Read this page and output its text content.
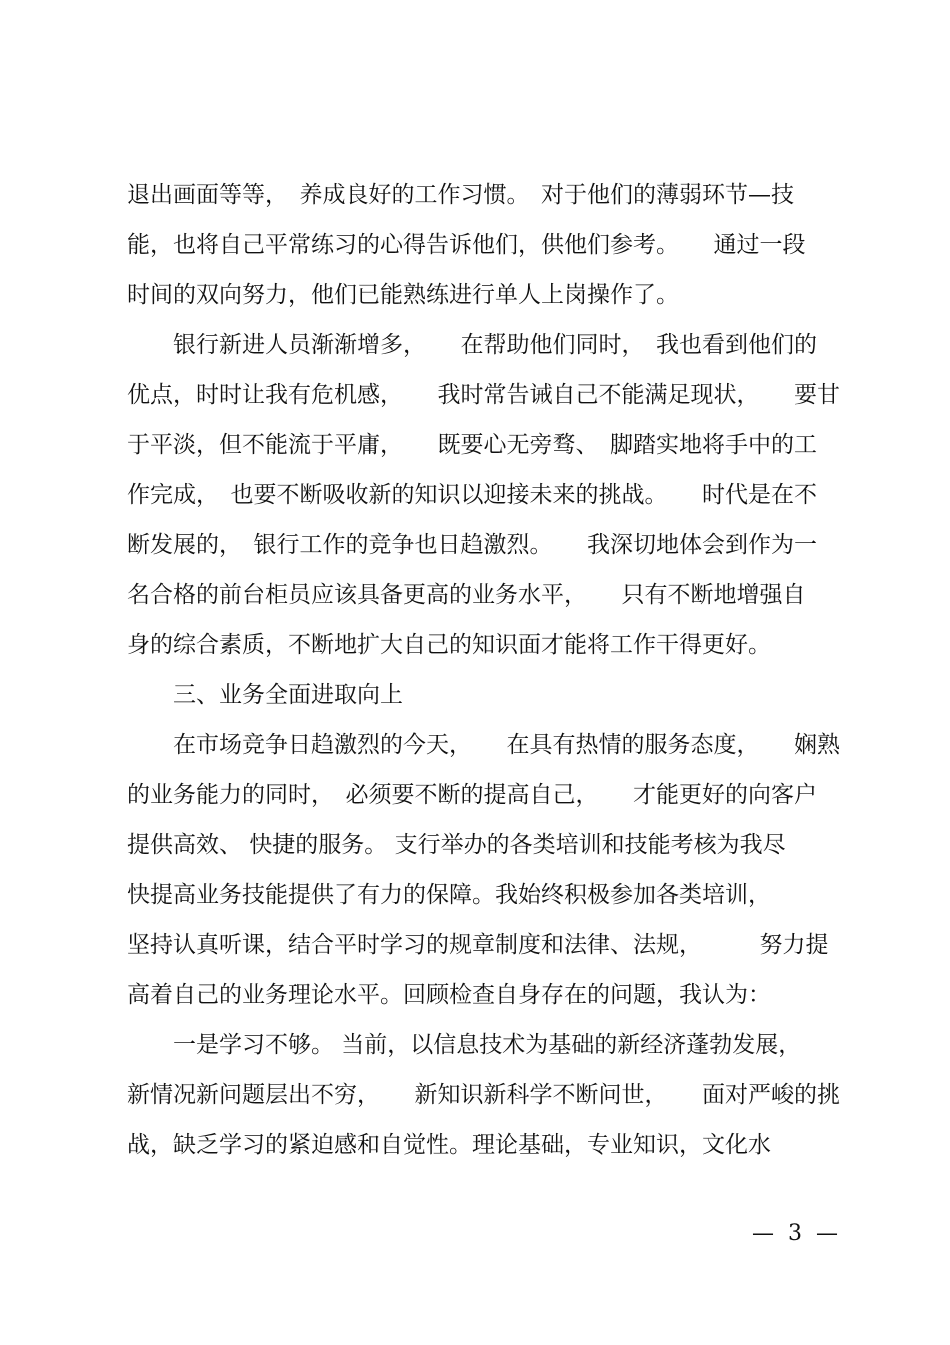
退出画面等等，　养成良好的工作习惯。　对于他们的薄弱环节—技
能，也将自己平常练习的心得告诉他们，供他们参考。　　通过一段
时间的双向努力，他们已能熟练进行单人上岗操作了。
　　银行新进人员渐渐增多，　　在帮助他们同时，　我也看到他们的
优点，时时让我有危机感，　　我时常告诫自己不能满足现状，　　要甘
于平淡，但不能流于平庸，　　既要心无旁骛、　脚踏实地将手中的工
作完成，　也要不断吸收新的知识以迎接未来的挑战。　　时代是在不
断发展的，　银行工作的竞争也日趋激烈。　　我深切地体会到作为一
名合格的前台柜员应该具备更高的业务水平，　　只有不断地增强自
身的综合素质，不断地扩大自己的知识面才能将工作干得更好。
　　三、业务全面进取向上
　　在市场竞争日趋激烈的今天，　　在具有热情的服务态度，　　娴熟
的业务能力的同时，　必须要不断的提高自己，　　才能更好的向客户
提供高效、 快捷的服务。 支行举办的各类培训和技能考核为我尽
快提高业务技能提供了有力的保障。我始终积极参加各类培训，
坚持认真听课，结合平时学习的规章制度和法律、法规，　　　努力提
高着自己的业务理论水平。回顾检查自身存在的问题，我认为：
　　一是学习不够。 当前，以信息技术为基础的新经济蓬勃发展，
新情况新问题层出不穷，　　新知识新科学不断问世，　　面对严峻的挑
战，缺乏学习的紧迫感和自觉性。理论基础，专业知识，文化水
—  3  —
